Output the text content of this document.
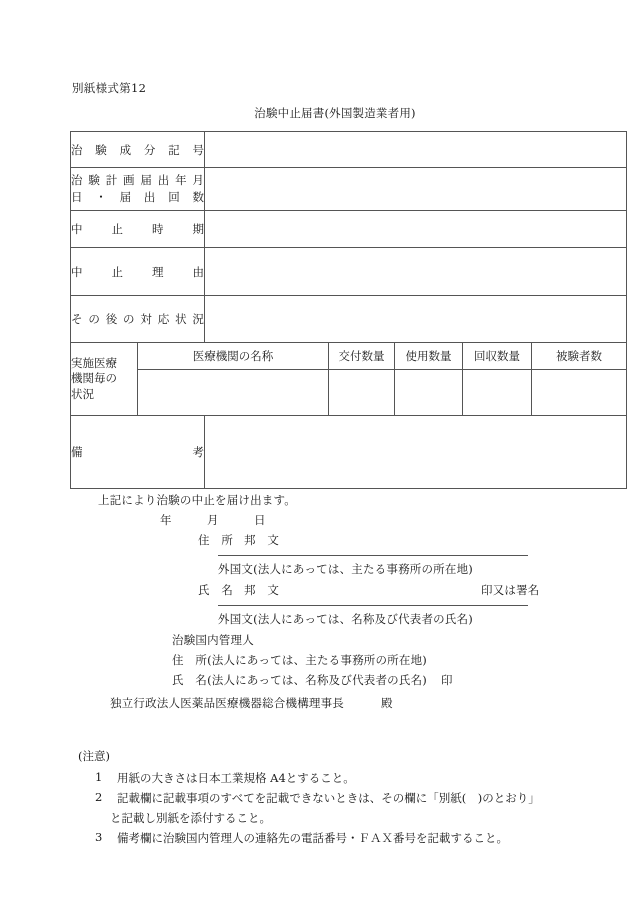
別紙様式第12
治験中止届書(外国製造業者用)
治 験 成 分 記 号

治 験 計 画 届 出 年 月
日 ・ 届 出 回 数

中 止 時 期						

中 止 理 由						

そ の 後 の 対 応 状 況

実施医療
機関毎の
状況	医療機関の名称		交付数量	使用数量	回収数量	被験者数

備 考						

上記により治験の中止を届け出ます。
年	月	日
住　所 邦　文
外国文(法人にあっては、主たる事務所の所在地)
氏　名 邦　文	印又は署名
外国文(法人にあっては、名称及び代表者の氏名)
治験国内管理人
住　所(法人にあっては、主たる事務所の所在地)
氏　名(法人にあっては、名称及び代表者の氏名) 印
独立行政法人医薬品医療機器総合機構理事長	殿
(注意)
1	用紙の大きさは日本工業規格 A4とすること。
2	記載欄に記載事項のすべてを記載できないときは、その欄に「別紙(　)のとおり」
と記載し別紙を添付すること。
3	備考欄に治験国内管理人の連絡先の電話番号・ＦＡＸ番号を記載すること。
